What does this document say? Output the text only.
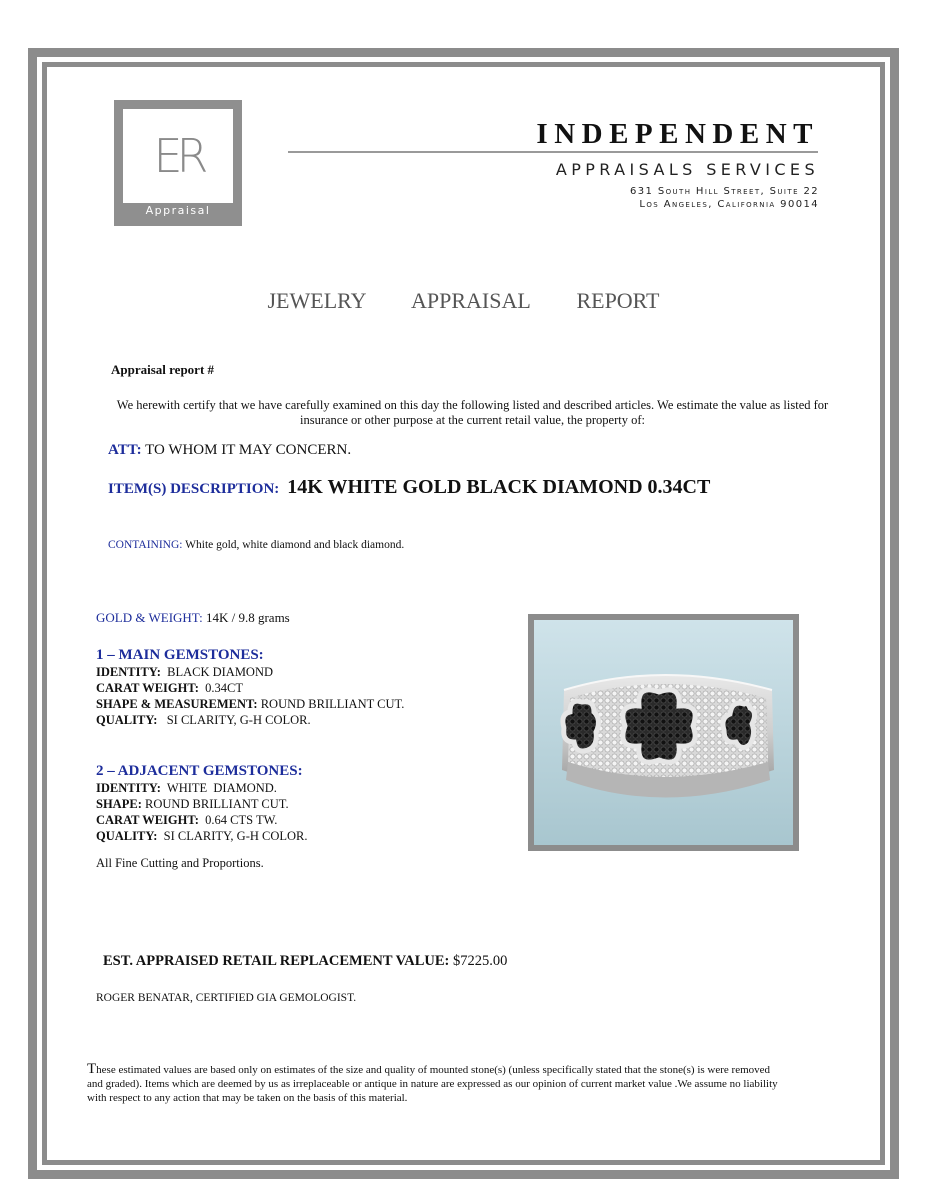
ER
Appraisal
INDEPENDENT
APPRAISALS SERVICES
631 South Hill Street, Suite 22
Los Angeles, California 90014
JEWELRY   APPRAISAL   REPORT
Appraisal report #
We herewith certify that we have carefully examined on this day the following listed and described articles. We estimate the value as listed for insurance or other purpose at the current retail value, the property of:
ATT: TO WHOM IT MAY CONCERN.
ITEM(S) DESCRIPTION: 14K WHITE GOLD BLACK DIAMOND 0.34CT
CONTAINING: White gold, white diamond and black diamond.
GOLD & WEIGHT: 14K / 9.8 grams
1 – MAIN GEMSTONES:
IDENTITY: BLACK DIAMOND
CARAT WEIGHT: 0.34CT
SHAPE & MEASUREMENT: ROUND BRILLIANT CUT.
QUALITY: SI CLARITY, G-H COLOR.
2 – ADJACENT GEMSTONES:
IDENTITY: WHITE  DIAMOND.
SHAPE: ROUND BRILLIANT CUT.
CARAT WEIGHT: 0.64 CTS TW.
QUALITY: SI CLARITY, G-H COLOR.
All Fine Cutting and Proportions.
EST. APPRAISED RETAIL REPLACEMENT VALUE: $7225.00
ROGER BENATAR, CERTIFIED GIA GEMOLOGIST.
These estimated values are based only on estimates of the size and quality of mounted stone(s) (unless specifically stated that the stone(s) is were removed and graded). Items which are deemed by us as irreplaceable or antique in nature are expressed as our opinion of current market value .We assume no liability with respect to any action that may be taken on the basis of this material.
